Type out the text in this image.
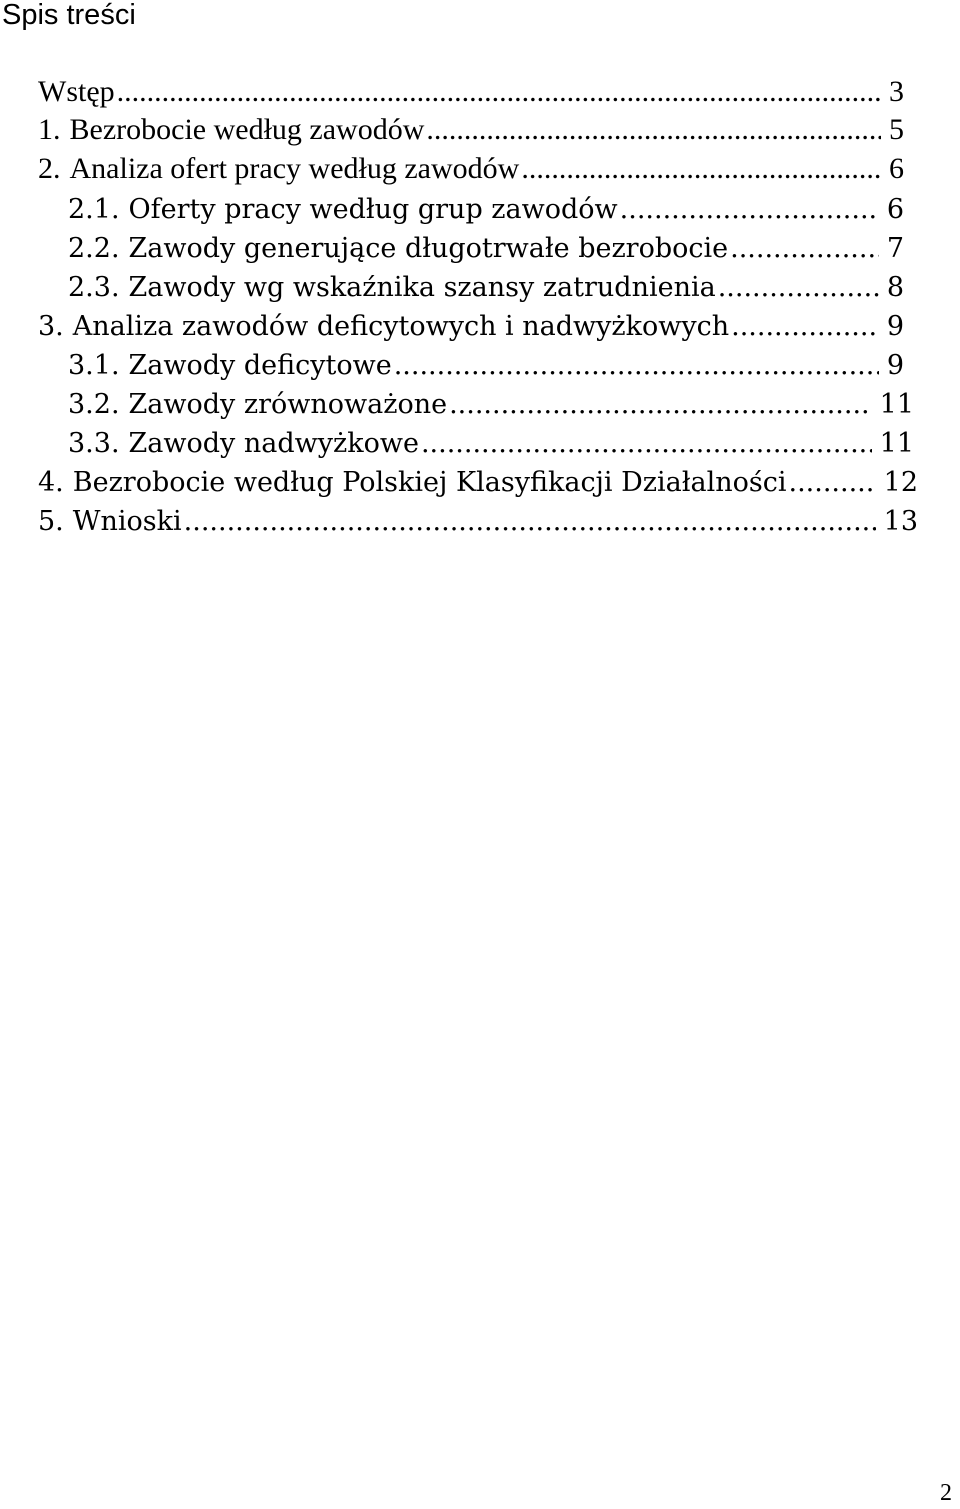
Spis treści
Wstęp .....	3
1. Bezrobocie według zawodów .....	5
2. Analiza ofert pracy według zawodów .....	6
2.1. Oferty pracy według grup zawodów .....	6
2.2. Zawody generujące długotrwałe bezrobocie .....	7
2.3. Zawody wg wskaźnika szansy zatrudnienia .....	8
3. Analiza zawodów deficytowych i nadwyżkowych .....	9
3.1. Zawody deficytowe .....	9
3.2. Zawody zrównoważone .....	11
3.3. Zawody nadwyżkowe .....	11
4. Bezrobocie według Polskiej Klasyfikacji Działalności .....	12
5. Wnioski .....	13
2
